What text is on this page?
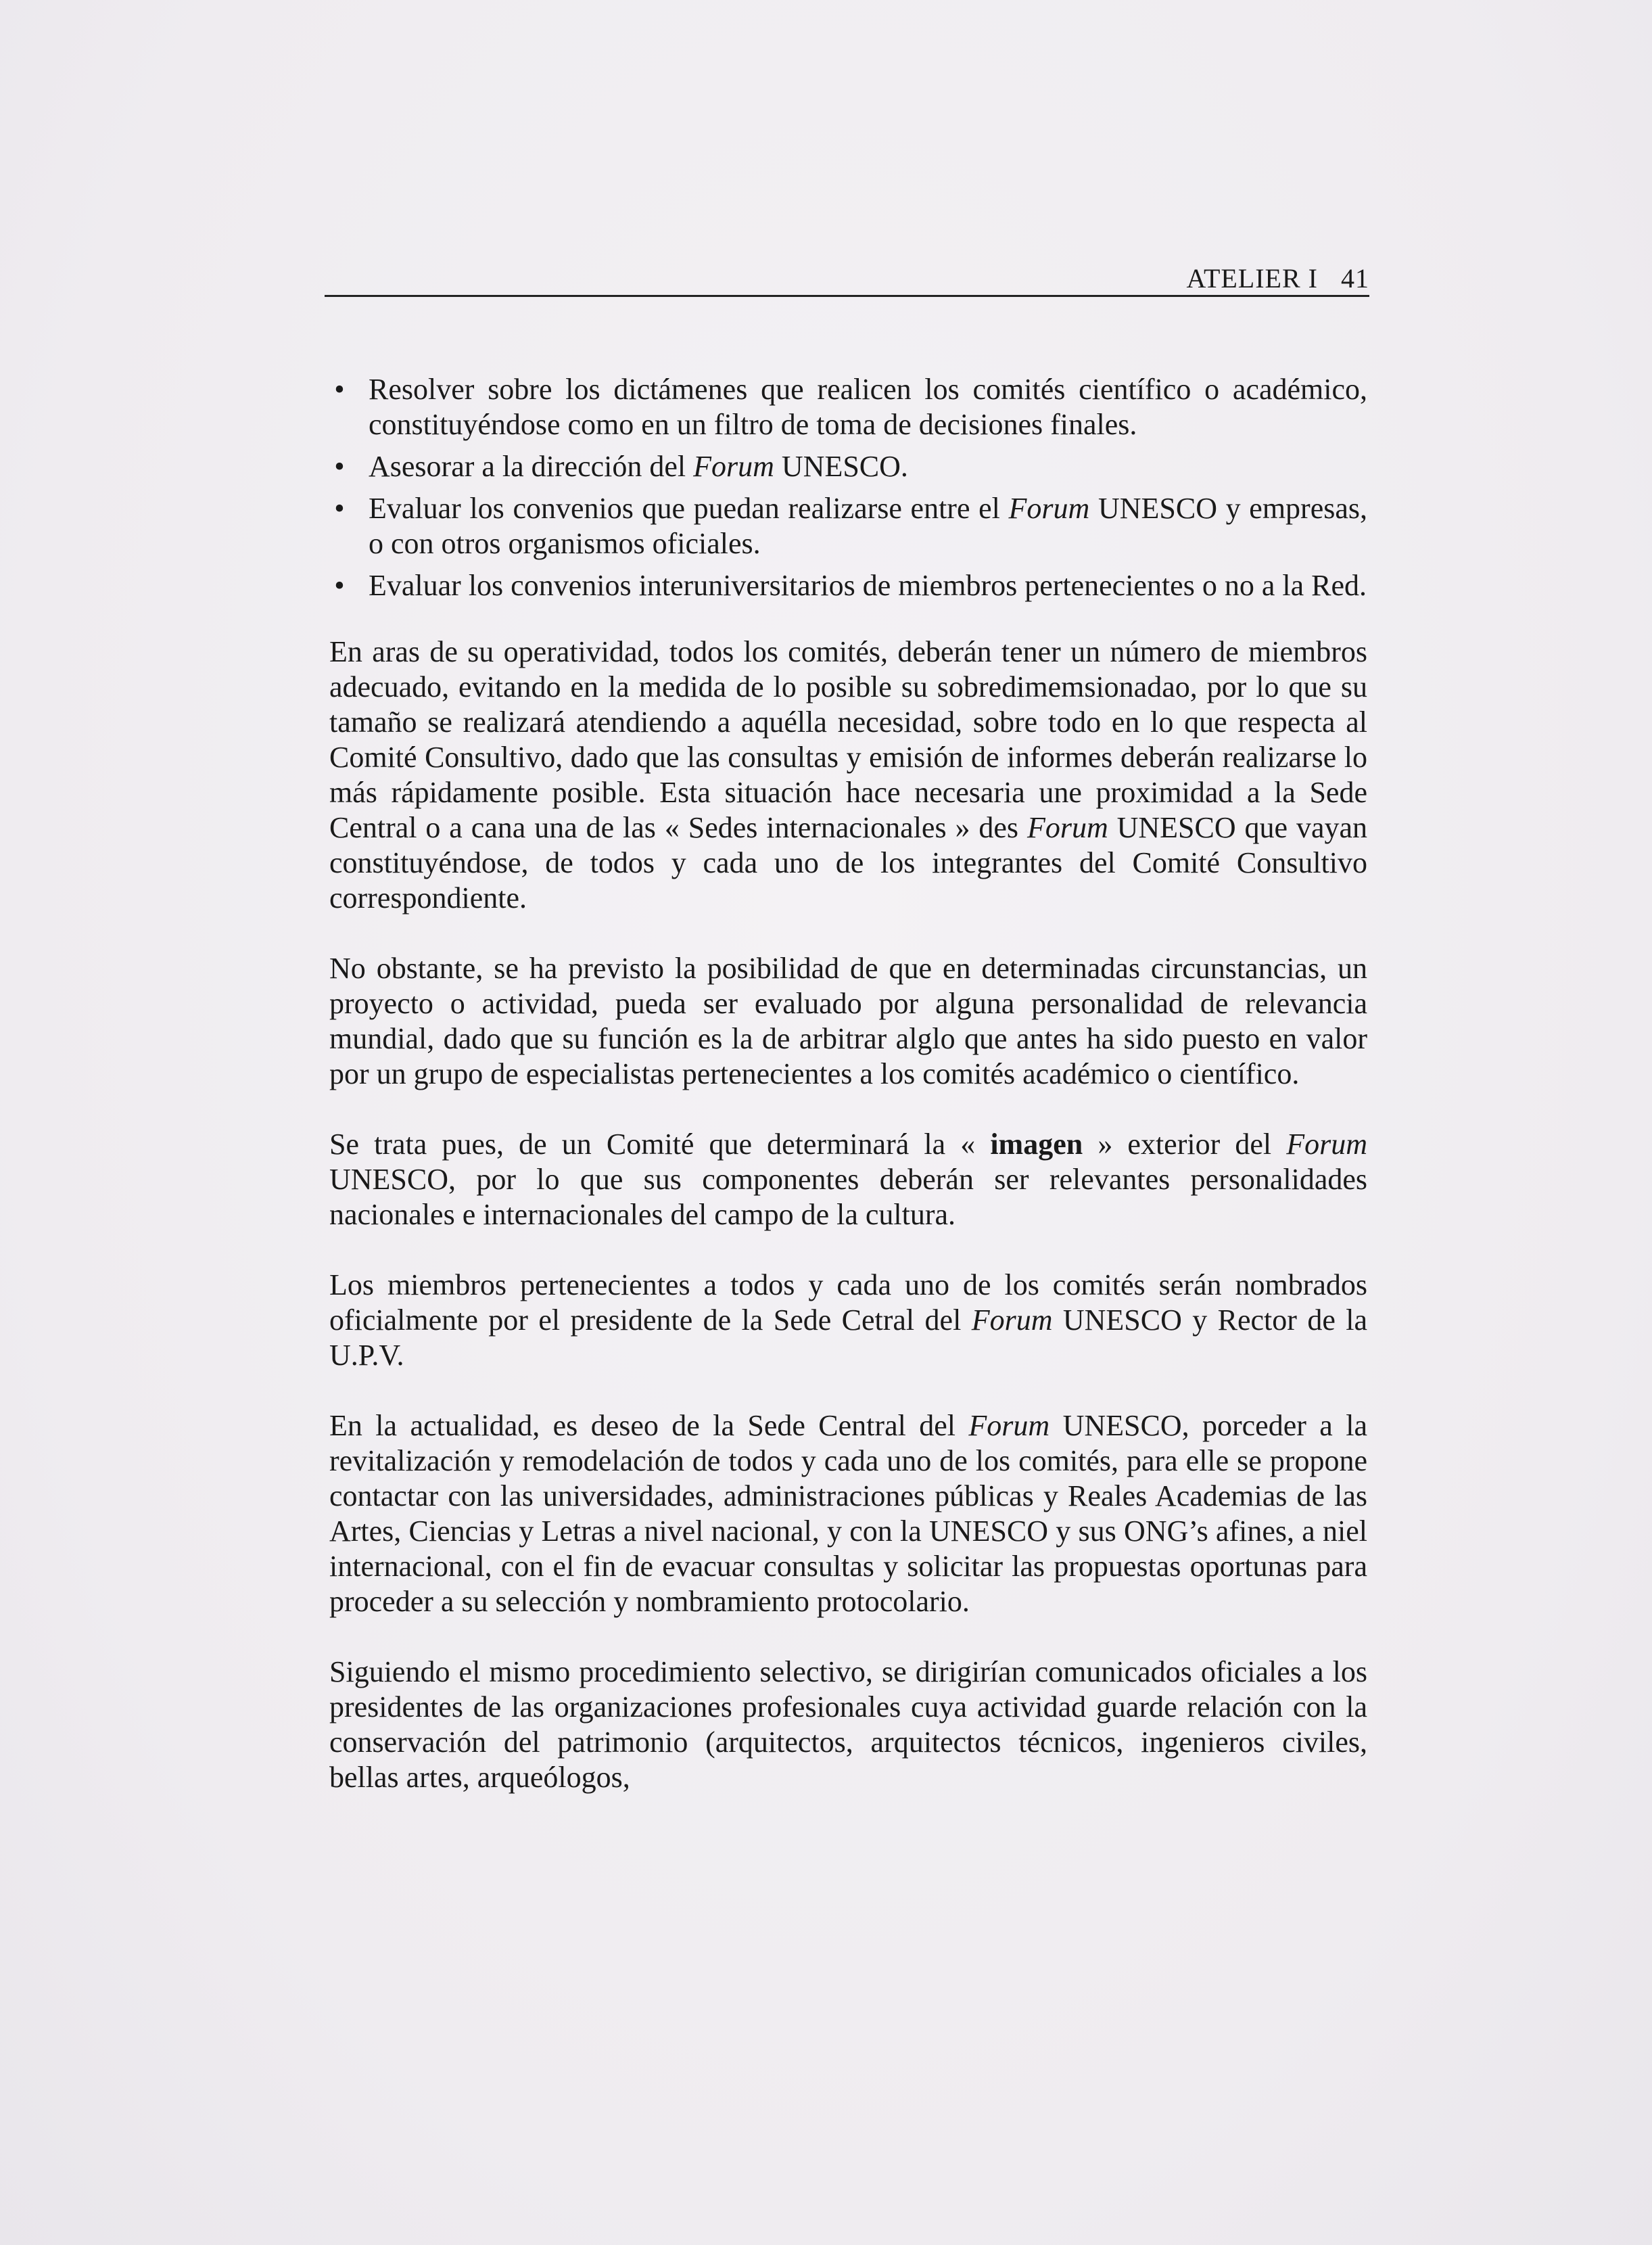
ATELIER I 41
• Resolver sobre los dictámenes que realicen los comités científico o académico, constituyéndose como en un filtro de toma de decisiones finales.
• Asesorar a la dirección del Forum UNESCO.
• Evaluar los convenios que puedan realizarse entre el Forum UNESCO y empresas, o con otros organismos oficiales.
• Evaluar los convenios interuniversitarios de miembros pertenecientes o no a la Red.

En aras de su operatividad, todos los comités, deberán tener un número de miembros adecuado, evitando en la medida de lo posible su sobredimemsionadao, por lo que su tamaño se realizará atendiendo a aquélla necesidad, sobre todo en lo que respecta al Comité Consultivo, dado que las consultas y emisión de informes deberán realizarse lo más rápidamente posible. Esta situación hace necesaria une proximidad a la Sede Central o a cana una de las « Sedes internacionales » des Forum UNESCO que vayan constituyéndose, de todos y cada uno de los integrantes del Comité Consultivo correspondiente.

No obstante, se ha previsto la posibilidad de que en determinadas circunstancias, un proyecto o actividad, pueda ser evaluado por alguna personalidad de relevancia mundial, dado que su función es la de arbitrar alglo que antes ha sido puesto en valor por un grupo de especialistas pertenecientes a los comités académico o científico.

Se trata pues, de un Comité que determinará la « imagen » exterior del Forum UNESCO, por lo que sus componentes deberán ser relevantes personalidades nacionales e internacionales del campo de la cultura.

Los miembros pertenecientes a todos y cada uno de los comités serán nombrados oficialmente por el presidente de la Sede Cetral del Forum UNESCO y Rector de la U.P.V.

En la actualidad, es deseo de la Sede Central del Forum UNESCO, porceder a la revitalización y remodelación de todos y cada uno de los comités, para elle se propone contactar con las universidades, administraciones públicas y Reales Academias de las Artes, Ciencias y Letras a nivel nacional, y con la UNESCO y sus ONG’s afines, a niel internacional, con el fin de evacuar consultas y solicitar las propuestas oportunas para proceder a su selección y nombramiento protocolario.

Siguiendo el mismo procedimiento selectivo, se dirigirían comunicados oficiales a los presidentes de las organizaciones profesionales cuya actividad guarde relación con la conservación del patrimonio (arquitectos, arquitectos técnicos, ingenieros civiles, bellas artes, arqueólogos,
